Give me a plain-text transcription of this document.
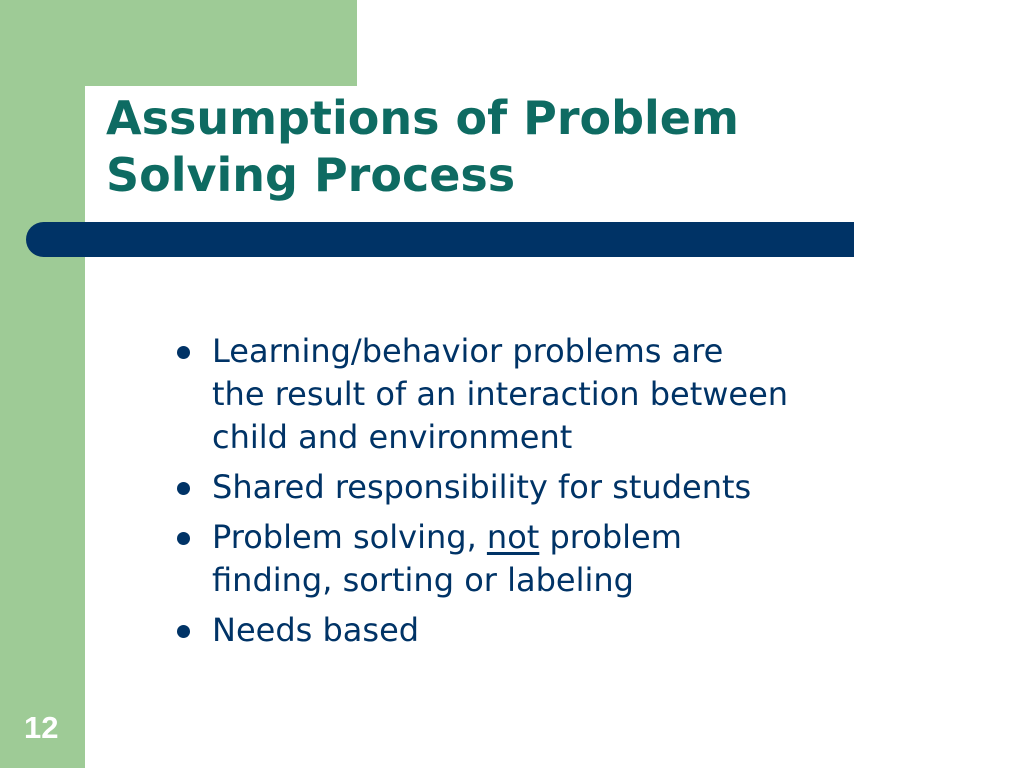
Assumptions of Problem
Solving Process
Learning/behavior problems are
the result of an interaction between
child and environment
Shared responsibility for students
Problem solving, not problem
finding, sorting or labeling
Needs based
12
